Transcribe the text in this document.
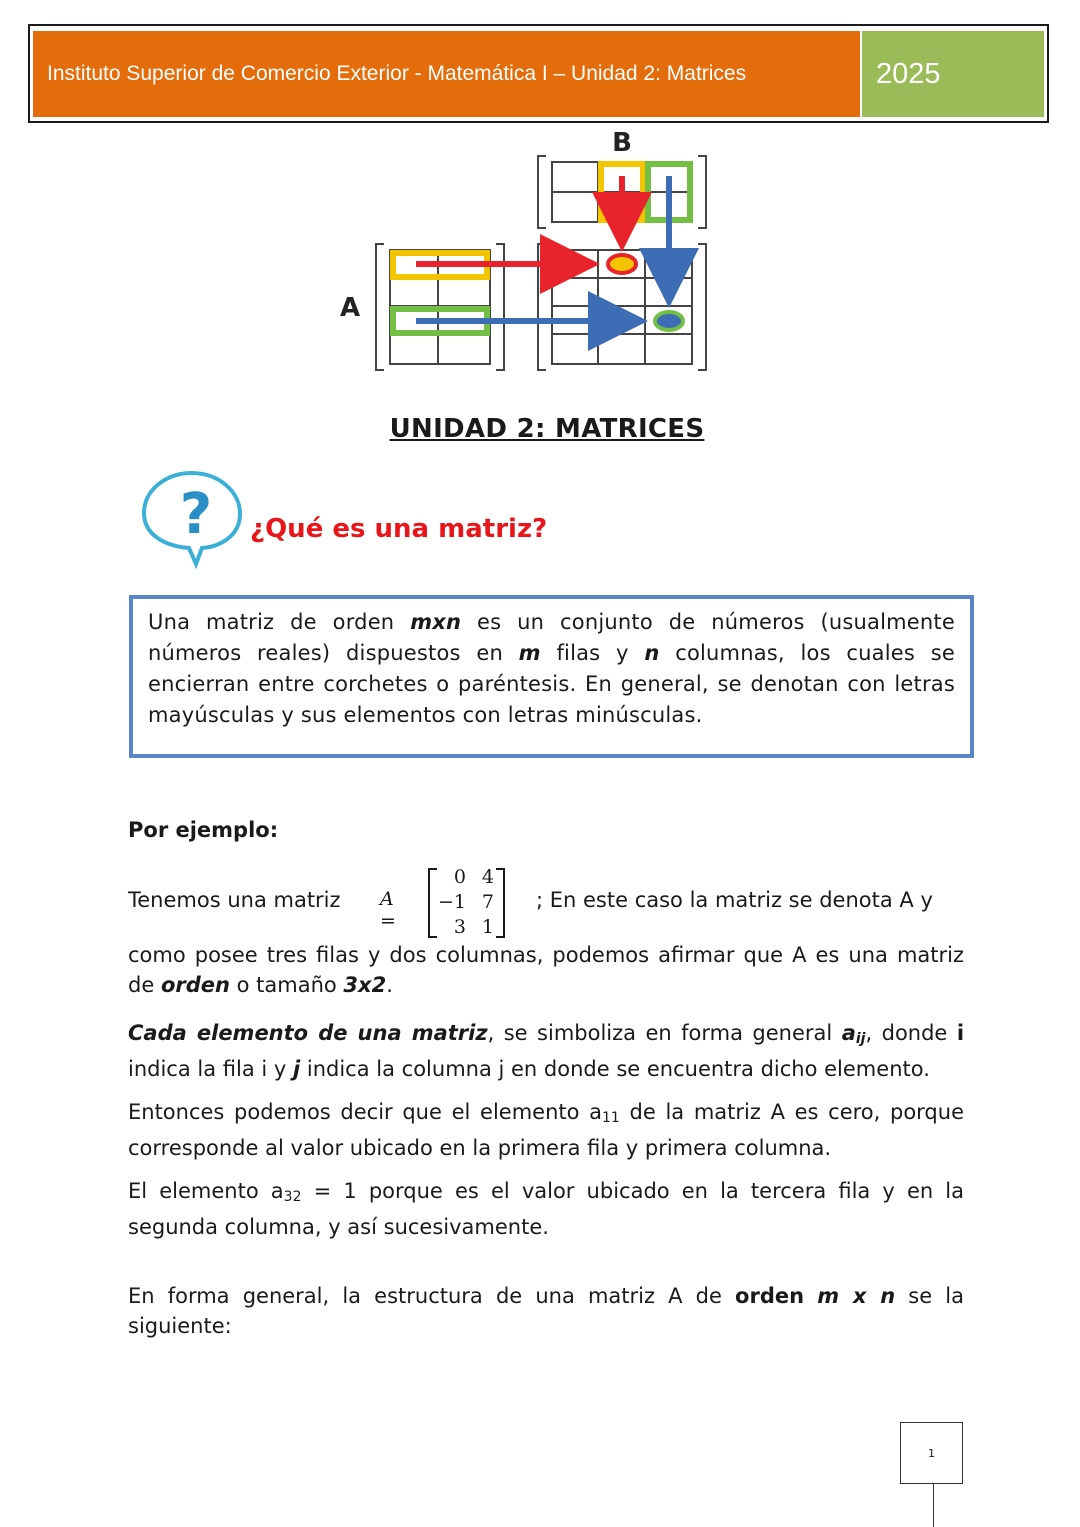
Instituto Superior de Comercio Exterior - Matemática I – Unidad 2: Matrices	2025
B
A
UNIDAD 2: MATRICES
? ¿Qué es una matriz?

Una matriz de orden mxn es un conjunto de números (usualmente números reales) dispuestos en m filas y n columnas, los cuales se encierran entre corchetes o paréntesis. En general, se denotan con letras mayúsculas y sus elementos con letras minúsculas.

Por ejemplo:
Tenemos una matriz A =
0 4
−1 7
3 1
; En este caso la matriz se denota A y

como posee tres filas y dos columnas, podemos afirmar que A es una matriz de orden o tamaño 3x2.

Cada elemento de una matriz, se simboliza en forma general $a_{ij}$, donde i indica la fila i y j indica la columna j en donde se encuentra dicho elemento.

Entonces podemos decir que el elemento $a_{11}$ de la matriz A es cero, porque corresponde al valor ubicado en la primera fila y primera columna.

El elemento $a_{32} = 1$ porque es el valor ubicado en la tercera fila y en la segunda columna, y así sucesivamente.

En forma general, la estructura de una matriz A de orden m x n se la siguiente:

1
